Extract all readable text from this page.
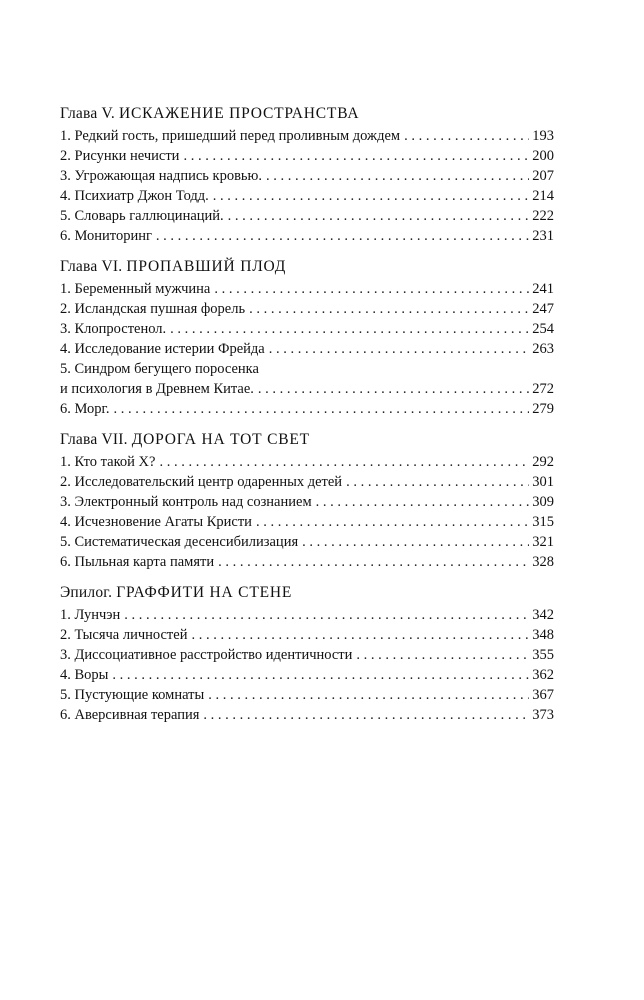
Глава V. ИСКАЖЕНИЕ ПРОСТРАНСТВА
1. Редкий гость, пришедший перед проливным дождем . . .	193
2. Рисунки нечисти . . .	200
3. Угрожающая надпись кровью. . . .	207
4. Психиатр Джон Тодд. . . .	214
5. Словарь галлюцинаций. . . .	222
6. Мониторинг . . .	231
Глава VI. ПРОПАВШИЙ ПЛОД
1. Беременный мужчина . . .	241
2. Исландская пушная форель . . .	247
3. Клопростенол. . . .	254
4. Исследование истерии Фрейда . . .	263
5. Синдром бегущего поросенка
и психология в Древнем Китае. . . .	272
6. Морг. . . .	279
Глава VII. ДОРОГА НА ТОТ СВЕТ
1. Кто такой X? . . .	292
2. Исследовательский центр одаренных детей . . .	301
3. Электронный контроль над сознанием . . .	309
4. Исчезновение Агаты Кристи . . .	315
5. Систематическая десенсибилизация . . .	321
6. Пыльная карта памяти . . .	328
Эпилог. ГРАФФИТИ НА СТЕНЕ
1. Лунчэн . . .	342
2. Тысяча личностей . . .	348
3. Диссоциативное расстройство идентичности . . .	355
4. Воры . . .	362
5. Пустующие комнаты . . .	367
6. Аверсивная терапия . . .	373
